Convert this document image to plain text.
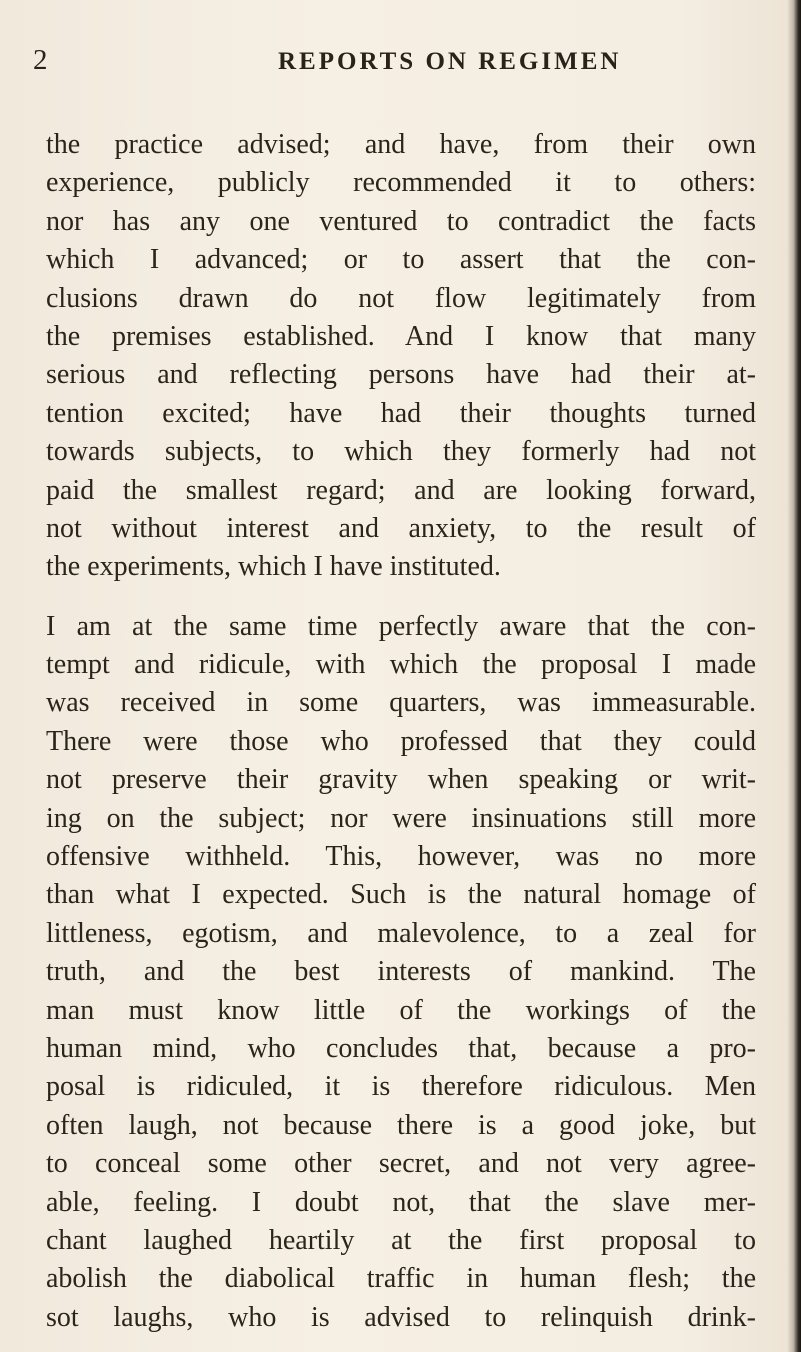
2	REPORTS ON REGIMEN
the practice advised; and have, from their own
experience, publicly recommended it to others:
nor has any one ventured to contradict the facts
which I advanced; or to assert that the con-
clusions drawn do not flow legitimately from
the premises established. And I know that many
serious and reflecting persons have had their at-
tention excited; have had their thoughts turned
towards subjects, to which they formerly had not
paid the smallest regard; and are looking forward,
not without interest and anxiety, to the result of
the experiments, which I have instituted.
I am at the same time perfectly aware that the con-
tempt and ridicule, with which the proposal I made
was received in some quarters, was immeasurable.
There were those who professed that they could
not preserve their gravity when speaking or writ-
ing on the subject; nor were insinuations still more
offensive withheld. This, however, was no more
than what I expected. Such is the natural homage of
littleness, egotism, and malevolence, to a zeal for
truth, and the best interests of mankind. The
man must know little of the workings of the
human mind, who concludes that, because a pro-
posal is ridiculed, it is therefore ridiculous. Men
often laugh, not because there is a good joke, but
to conceal some other secret, and not very agree-
able, feeling. I doubt not, that the slave mer-
chant laughed heartily at the first proposal to
abolish the diabolical traffic in human flesh; the
sot laughs, who is advised to relinquish drink-
